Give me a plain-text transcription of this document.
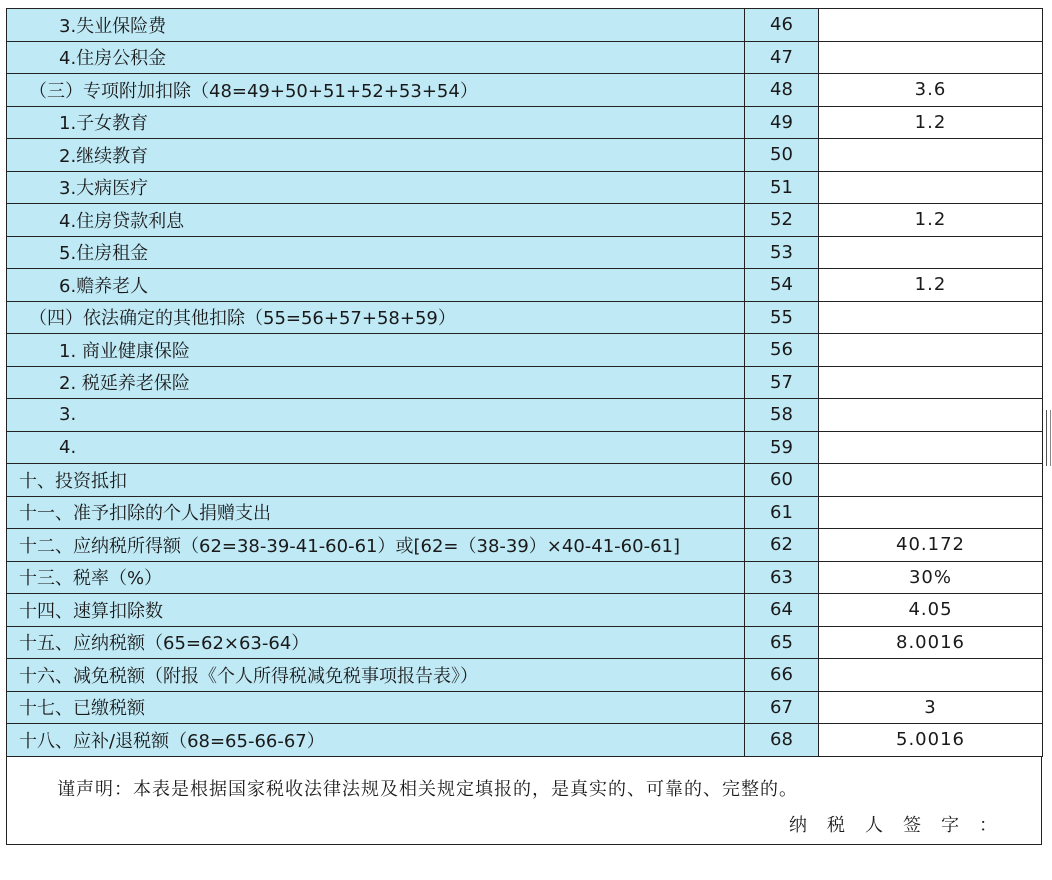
3.失业保险费	46	
4.住房公积金	47	
（三）专项附加扣除（48=49+50+51+52+53+54）	48	3.6
1.子女教育	49	1.2
2.继续教育	50	
3.大病医疗	51	
4.住房贷款利息	52	1.2
5.住房租金	53	
6.赡养老人	54	1.2
（四）依法确定的其他扣除（55=56+57+58+59）	55	
1. 商业健康保险	56	
2. 税延养老保险	57	
3.	58	
4.	59	
十、投资抵扣	60	
十一、准予扣除的个人捐赠支出	61	
十二、应纳税所得额（62=38-39-41-60-61）或[62=（38-39）×40-41-60-61]	62	40.172
十三、税率（%）	63	30%
十四、速算扣除数	64	4.05
十五、应纳税额（65=62×63-64）	65	8.0016
十六、减免税额（附报《个人所得税减免税事项报告表》）	66	
十七、已缴税额	67	3
十八、应补/退税额（68=65-66-67）	68	5.0016
谨声明：本表是根据国家税收法律法规及相关规定填报的，是真实的、可靠的、完整的。
纳税人签字：
